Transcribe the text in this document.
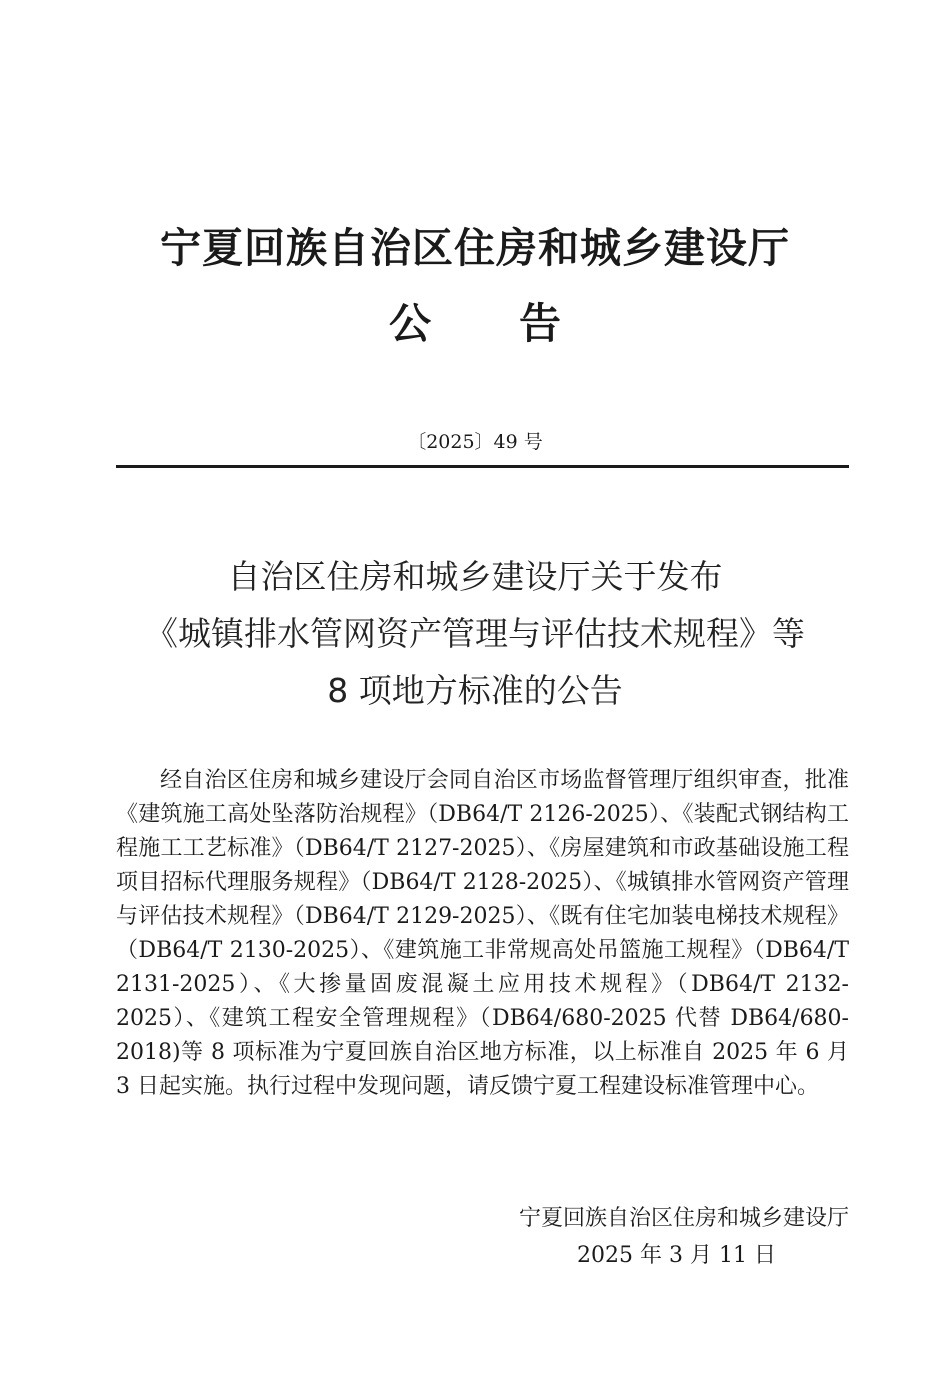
宁夏回族自治区住房和城乡建设厅
公 告
〔2025〕49 号
自治区住房和城乡建设厅关于发布
《城镇排水管网资产管理与评估技术规程》等
8 项地方标准的公告
经自治区住房和城乡建设厅会同自治区市场监督管理厅组织审查，批准《建筑施工高处坠落防治规程》（DB64/T 2126-2025）、《装配式钢结构工程施工工艺标准》（DB64/T 2127-2025）、《房屋建筑和市政基础设施工程项目招标代理服务规程》（DB64/T 2128-2025）、《城镇排水管网资产管理与评估技术规程》（DB64/T 2129-2025）、《既有住宅加装电梯技术规程》（DB64/T 2130-2025）、《建筑施工非常规高处吊篮施工规程》（DB64/T 2131-2025）、《大掺量固废混凝土应用技术规程》（DB64/T 2132-2025）、《建筑工程安全管理规程》（DB64/680-2025 代替 DB64/680-2018)等 8 项标准为宁夏回族自治区地方标准，以上标准自 2025 年 6 月 3 日起实施。执行过程中发现问题，请反馈宁夏工程建设标准管理中心。
宁夏回族自治区住房和城乡建设厅
2025 年 3 月 11 日
